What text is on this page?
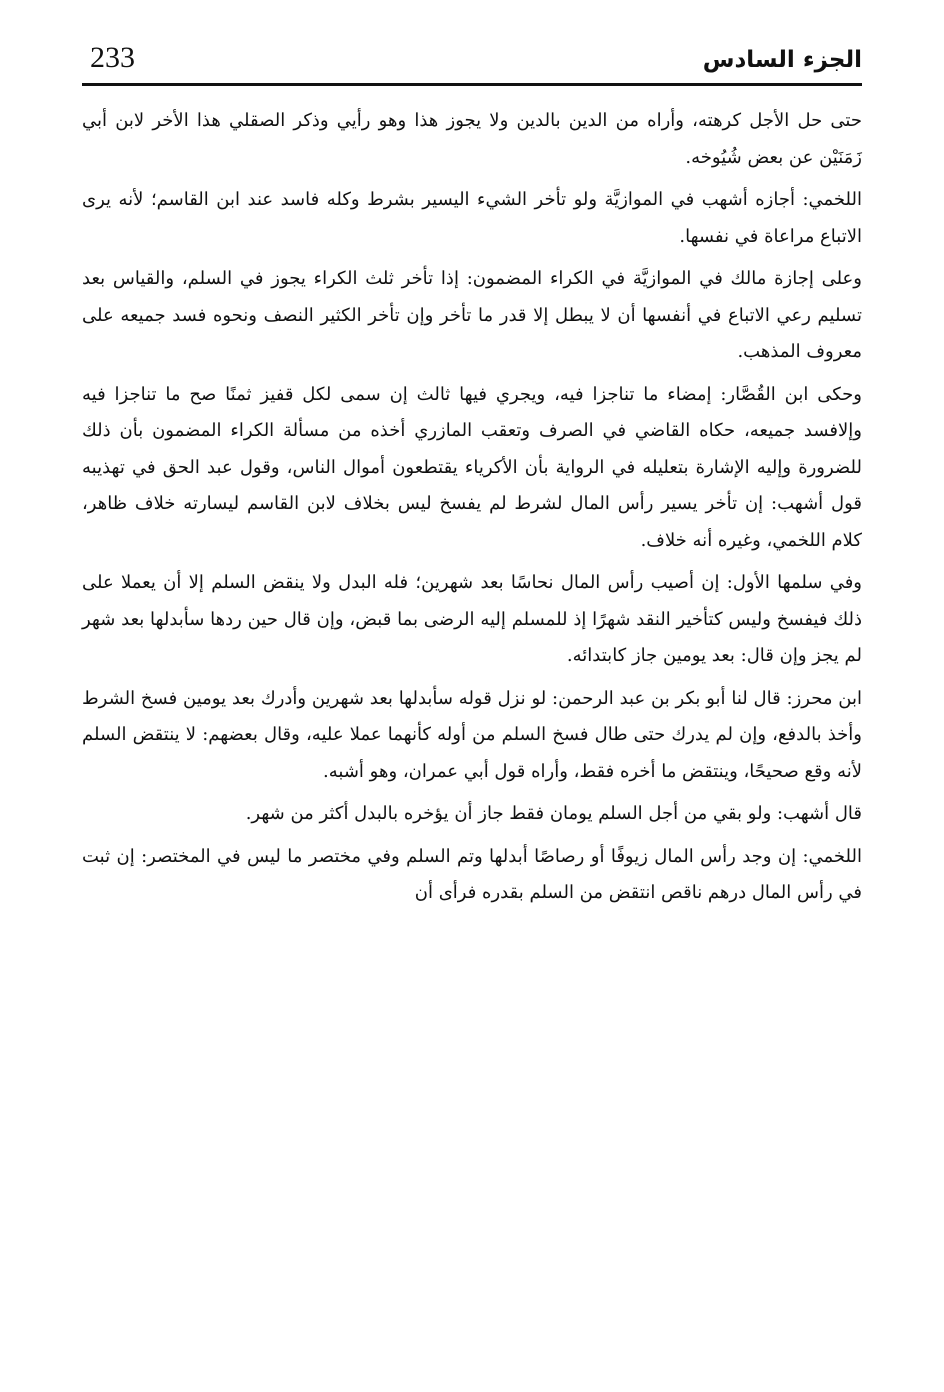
233	الجزء السادس

حتى حل الأجل كرهته، وأراه من الدين بالدين ولا يجوز هذا وهو رأيي وذكر الصقلي هذا الأخر لابن أبي زَمَنَيْن عن بعض شُيُوخه.

اللخمي: أجازه أشهب في الموازيَّة ولو تأخر الشيء اليسير بشرط وكله فاسد عند ابن القاسم؛ لأنه يرى الاتباع مراعاة في نفسها.

وعلى إجازة مالك في الموازيَّة في الكراء المضمون: إذا تأخر ثلث الكراء يجوز في السلم، والقياس بعد تسليم رعي الاتباع في أنفسها أن لا يبطل إلا قدر ما تأخر وإن تأخر الكثير النصف ونحوه فسد جميعه على معروف المذهب.

وحكى ابن القُصَّار: إمضاء ما تناجزا فيه، ويجري فيها ثالث إن سمى لكل قفيز ثمنًا صح ما تناجزا فيه وإلافسد جميعه، حكاه القاضي في الصرف وتعقب المازري أخذه من مسألة الكراء المضمون بأن ذلك للضرورة وإليه الإشارة بتعليله في الرواية بأن الأكرياء يقتطعون أموال الناس، وقول عبد الحق في تهذيبه قول أشهب: إن تأخر يسير رأس المال لشرط لم يفسخ ليس بخلاف لابن القاسم ليسارته خلاف ظاهر، كلام اللخمي، وغيره أنه خلاف.

وفي سلمها الأول: إن أصيب رأس المال نحاسًا بعد شهرين؛ فله البدل ولا ينقض السلم إلا أن يعملا على ذلك فيفسخ وليس كتأخير النقد شهرًا إذ للمسلم إليه الرضى بما قبض، وإن قال حين ردها سأبدلها بعد شهر لم يجز وإن قال: بعد يومين جاز كابتدائه.

ابن محرز: قال لنا أبو بكر بن عبد الرحمن: لو نزل قوله سأبدلها بعد شهرين وأدرك بعد يومين فسخ الشرط وأخذ بالدفع، وإن لم يدرك حتى طال فسخ السلم من أوله كأنهما عملا عليه، وقال بعضهم: لا ينتقض السلم لأنه وقع صحيحًا، وينتقض ما أخره فقط، وأراه قول أبي عمران، وهو أشبه.

قال أشهب: ولو بقي من أجل السلم يومان فقط جاز أن يؤخره بالبدل أكثر من شهر.

اللخمي: إن وجد رأس المال زيوفًا أو رصاصًا أبدلها وتم السلم وفي مختصر ما ليس في المختصر: إن ثبت في رأس المال درهم ناقص انتقض من السلم بقدره فرأى أن
